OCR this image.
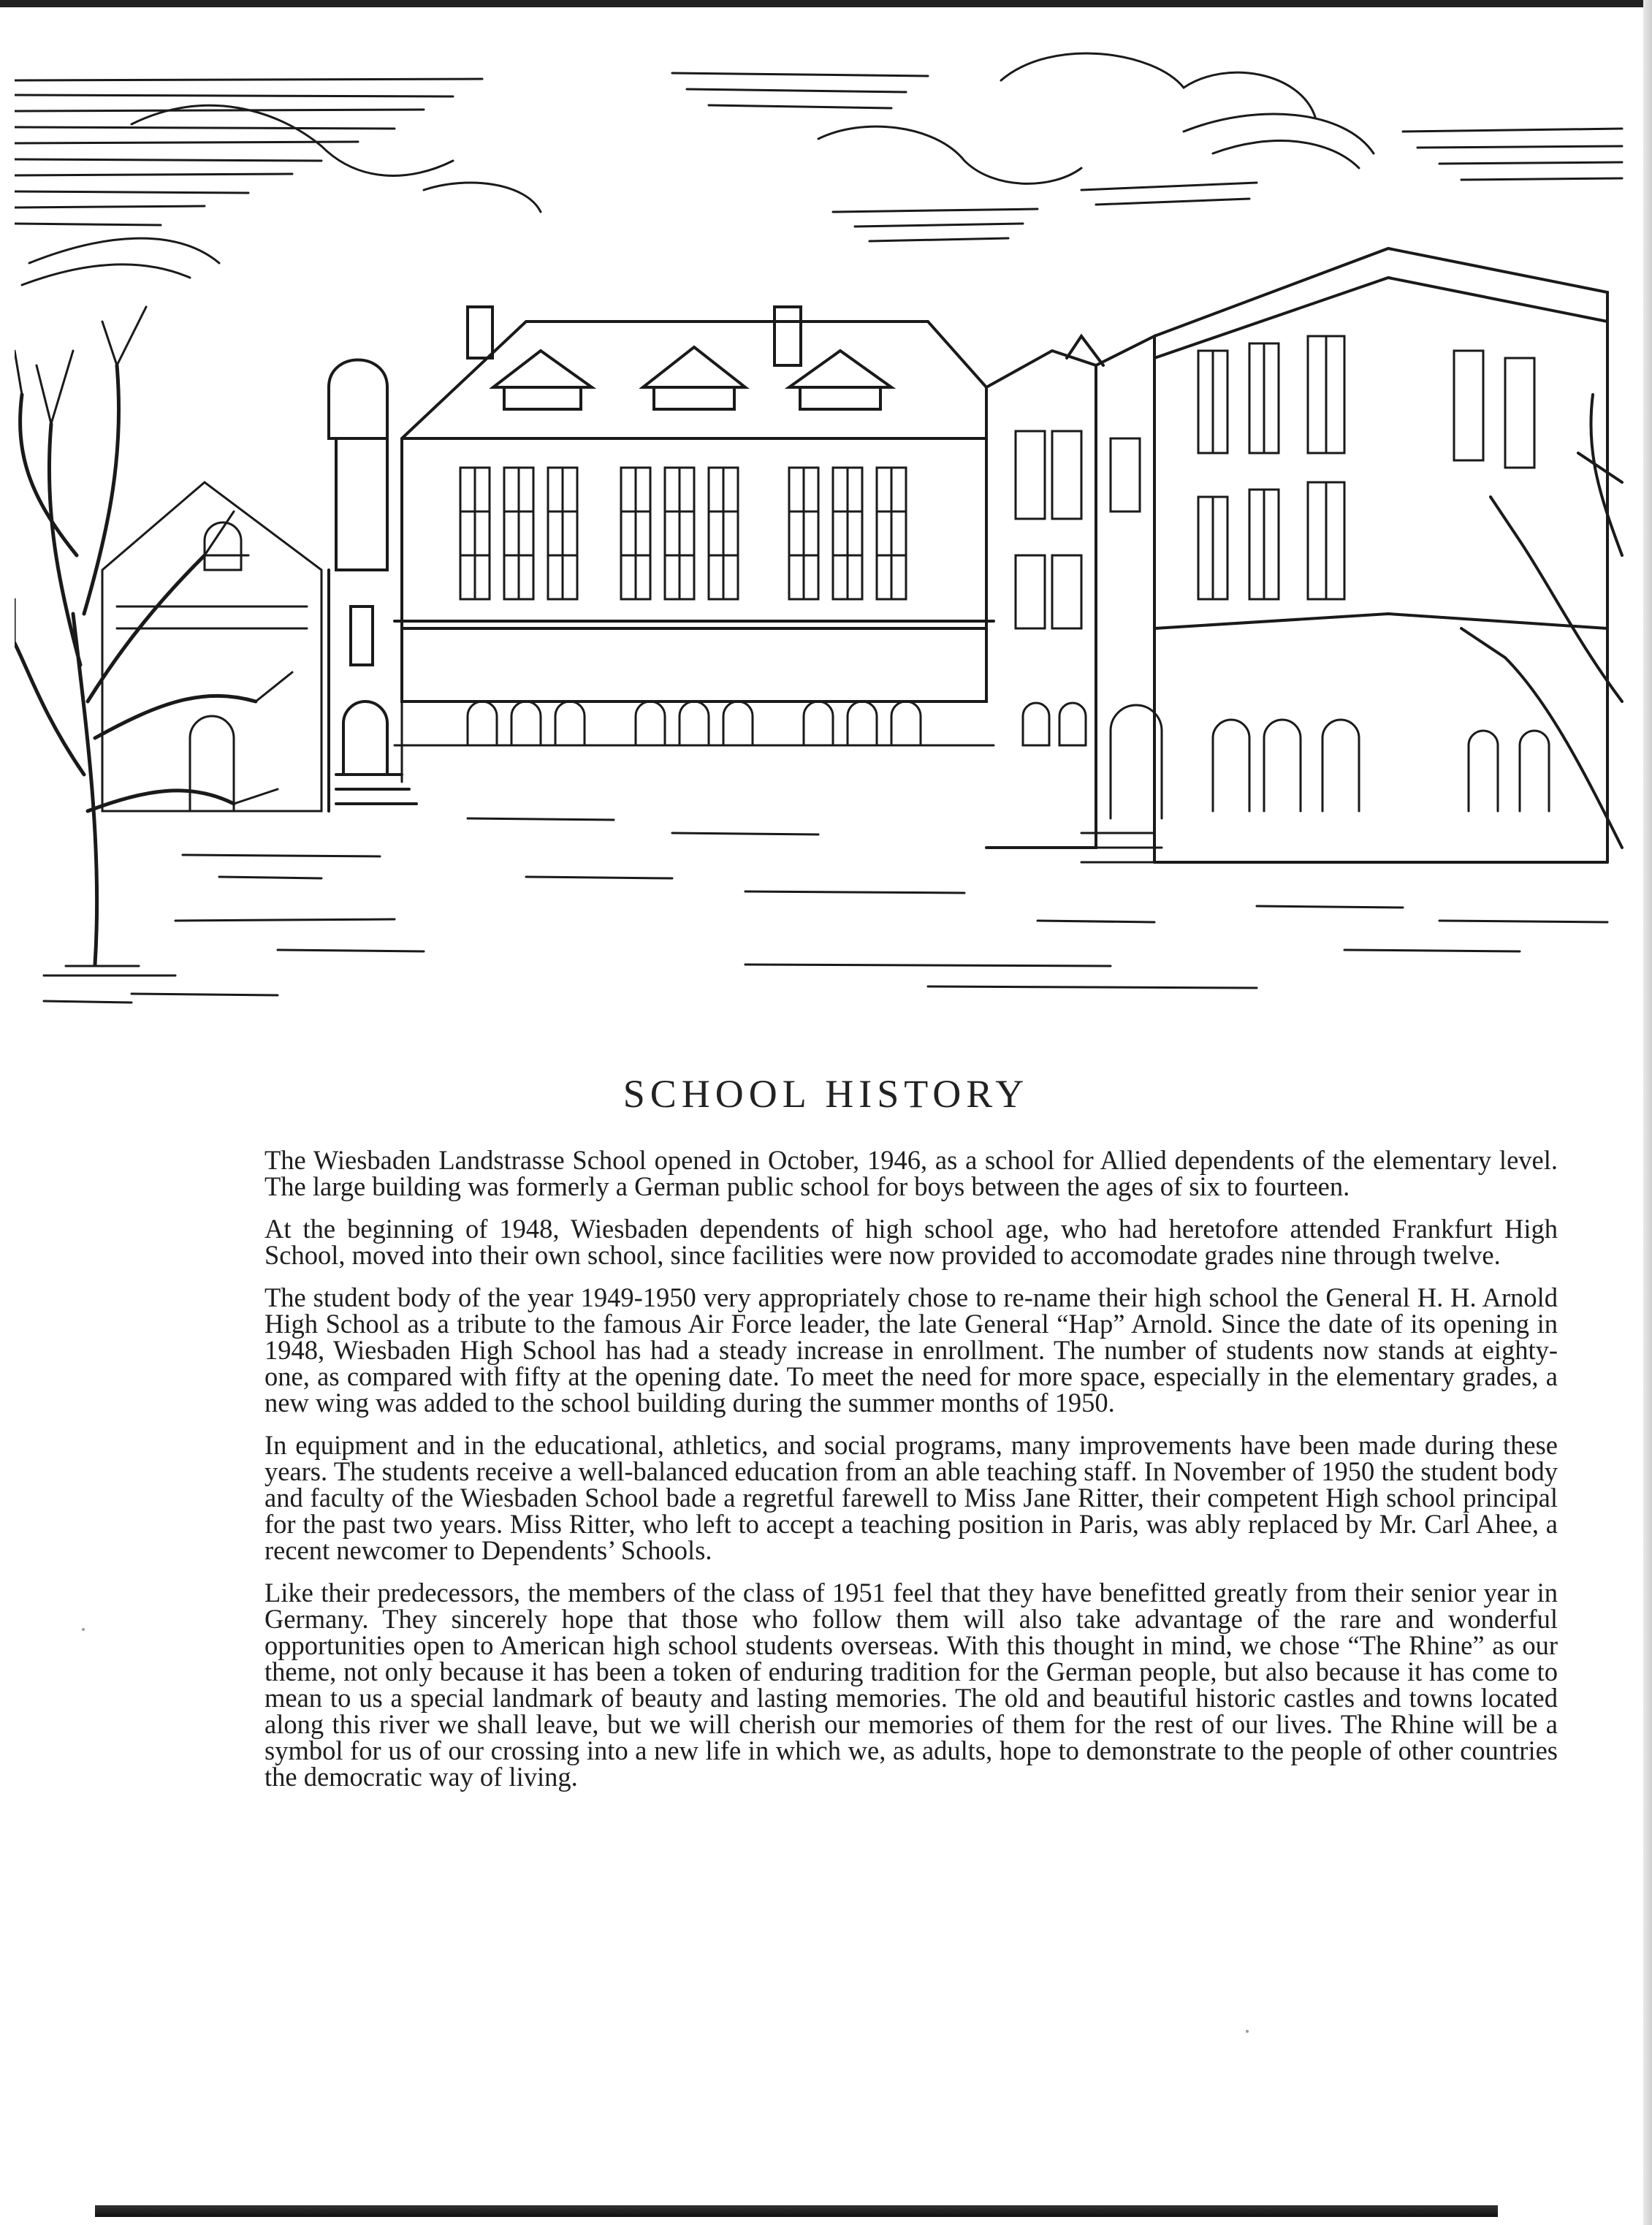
SCHOOL HISTORY

The Wiesbaden Landstrasse School opened in October, 1946, as a school for Allied dependents of the elementary level. The large building was formerly a German public school for boys between the ages of six to fourteen.

At the beginning of 1948, Wiesbaden dependents of high school age, who had heretofore attended Frankfurt High School, moved into their own school, since facilities were now provided to accomodate grades nine through twelve.

The student body of the year 1949-1950 very appropriately chose to re-name their high school the General H. H. Arnold High School as a tribute to the famous Air Force leader, the late General “Hap” Arnold. Since the date of its opening in 1948, Wiesbaden High School has had a steady increase in enrollment. The number of students now stands at eighty-one, as compared with fifty at the opening date. To meet the need for more space, especially in the elementary grades, a new wing was added to the school building during the summer months of 1950.

In equipment and in the educational, athletics, and social programs, many improvements have been made during these years. The students receive a well-balanced education from an able teaching staff. In November of 1950 the student body and faculty of the Wiesbaden School bade a regretful farewell to Miss Jane Ritter, their competent High school principal for the past two years. Miss Ritter, who left to accept a teaching position in Paris, was ably replaced by Mr. Carl Ahee, a recent newcomer to Dependents’ Schools.

Like their predecessors, the members of the class of 1951 feel that they have benefitted greatly from their senior year in Germany. They sincerely hope that those who follow them will also take advantage of the rare and wonderful opportunities open to American high school students overseas. With this thought in mind, we chose “The Rhine” as our theme, not only because it has been a token of enduring tradition for the German people, but also because it has come to mean to us a special landmark of beauty and lasting memories. The old and beautiful historic castles and towns located along this river we shall leave, but we will cherish our memories of them for the rest of our lives. The Rhine will be a symbol for us of our crossing into a new life in which we, as adults, hope to demonstrate to the people of other countries the democratic way of living.
